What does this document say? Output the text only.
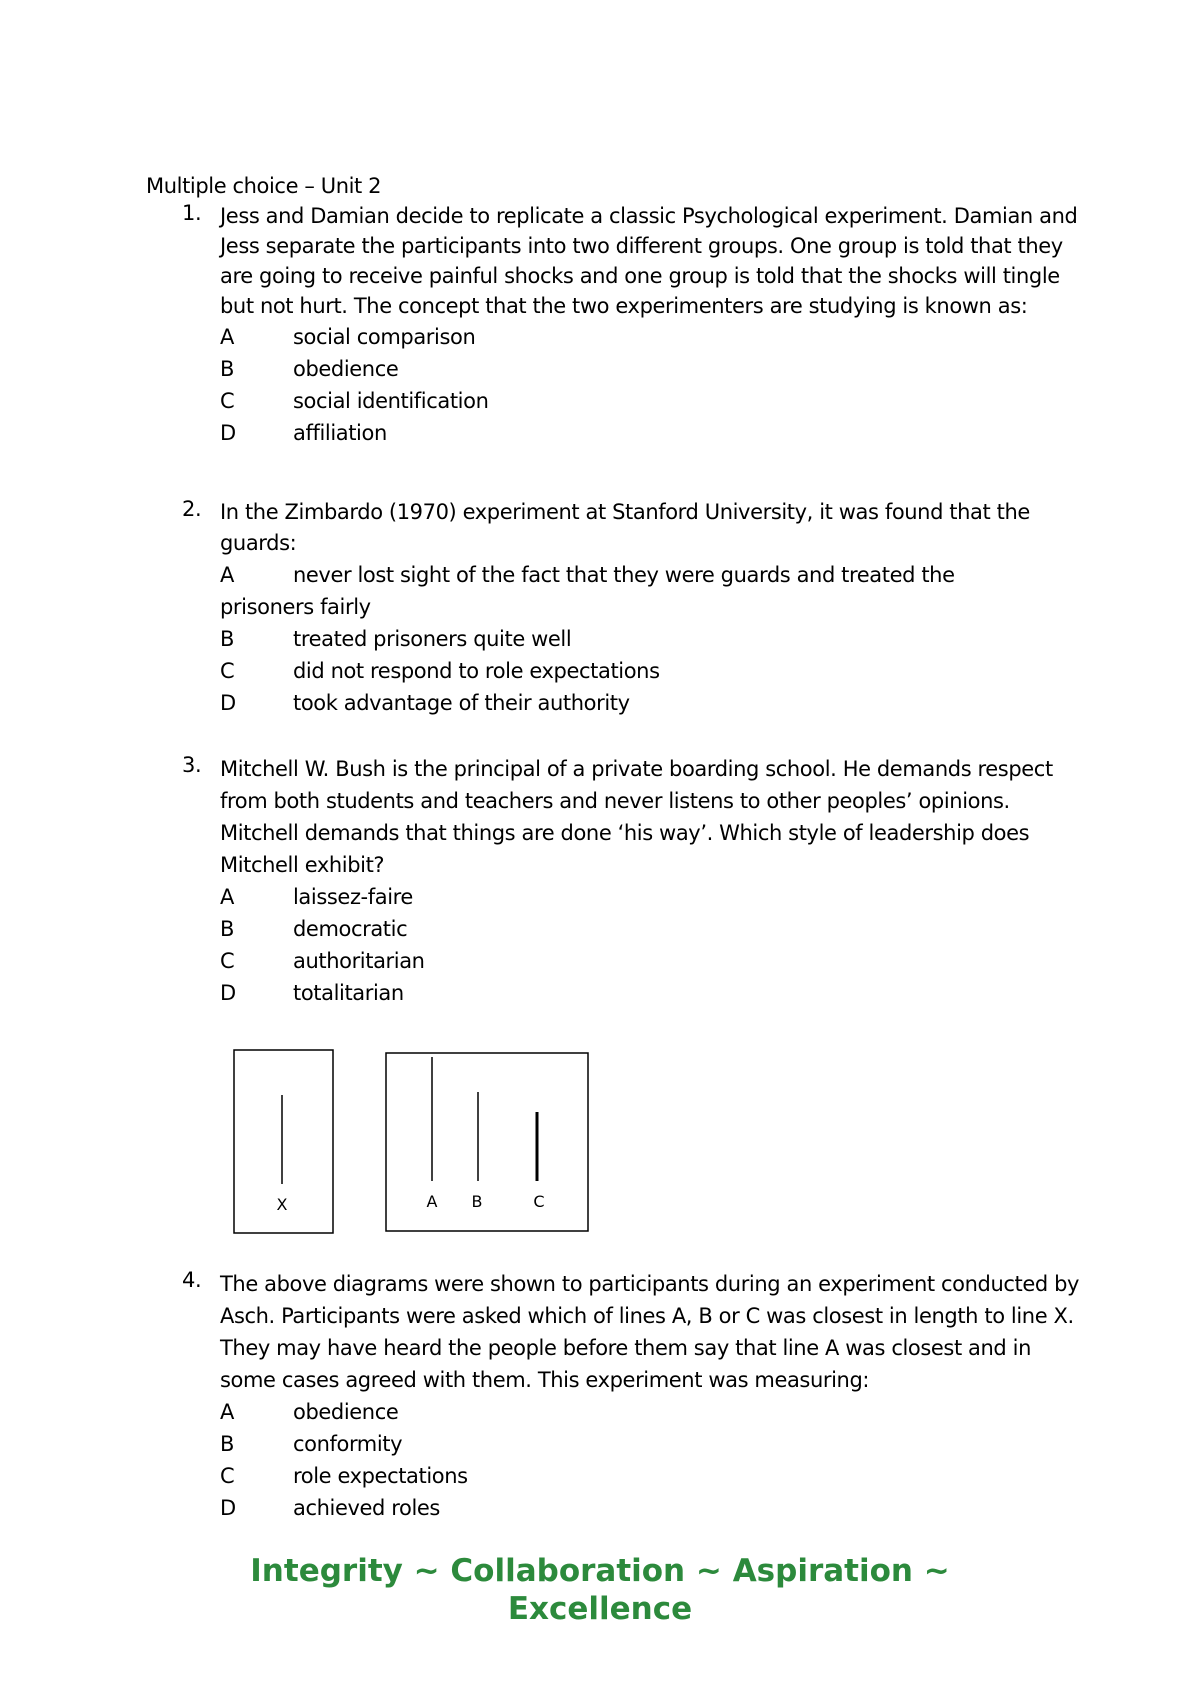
Multiple choice – Unit 2
1. Jess and Damian decide to replicate a classic Psychological experiment. Damian and Jess separate the participants into two different groups. One group is told that they are going to receive painful shocks and one group is told that the shocks will tingle but not hurt. The concept that the two experimenters are studying is known as:
A	social comparison
B	obedience
C	social identification
D	affiliation
2. In the Zimbardo (1970) experiment at Stanford University, it was found that the guards:
A	never lost sight of the fact that they were guards and treated the prisoners fairly
B	treated prisoners quite well
C	did not respond to role expectations
D	took advantage of their authority
3. Mitchell W. Bush is the principal of a private boarding school. He demands respect from both students and teachers and never listens to other peoples’ opinions. Mitchell demands that things are done ‘his way’. Which style of leadership does Mitchell exhibit?
A	laissez-faire
B	democratic
C	authoritarian
D	totalitarian
X	A B	C
4. The above diagrams were shown to participants during an experiment conducted by Asch. Participants were asked which of lines A, B or C was closest in length to line X. They may have heard the people before them say that line A was closest and in some cases agreed with them. This experiment was measuring:
A	obedience
B	conformity
C	role expectations
D	achieved roles
Integrity ~ Collaboration ~ Aspiration ~
Excellence
